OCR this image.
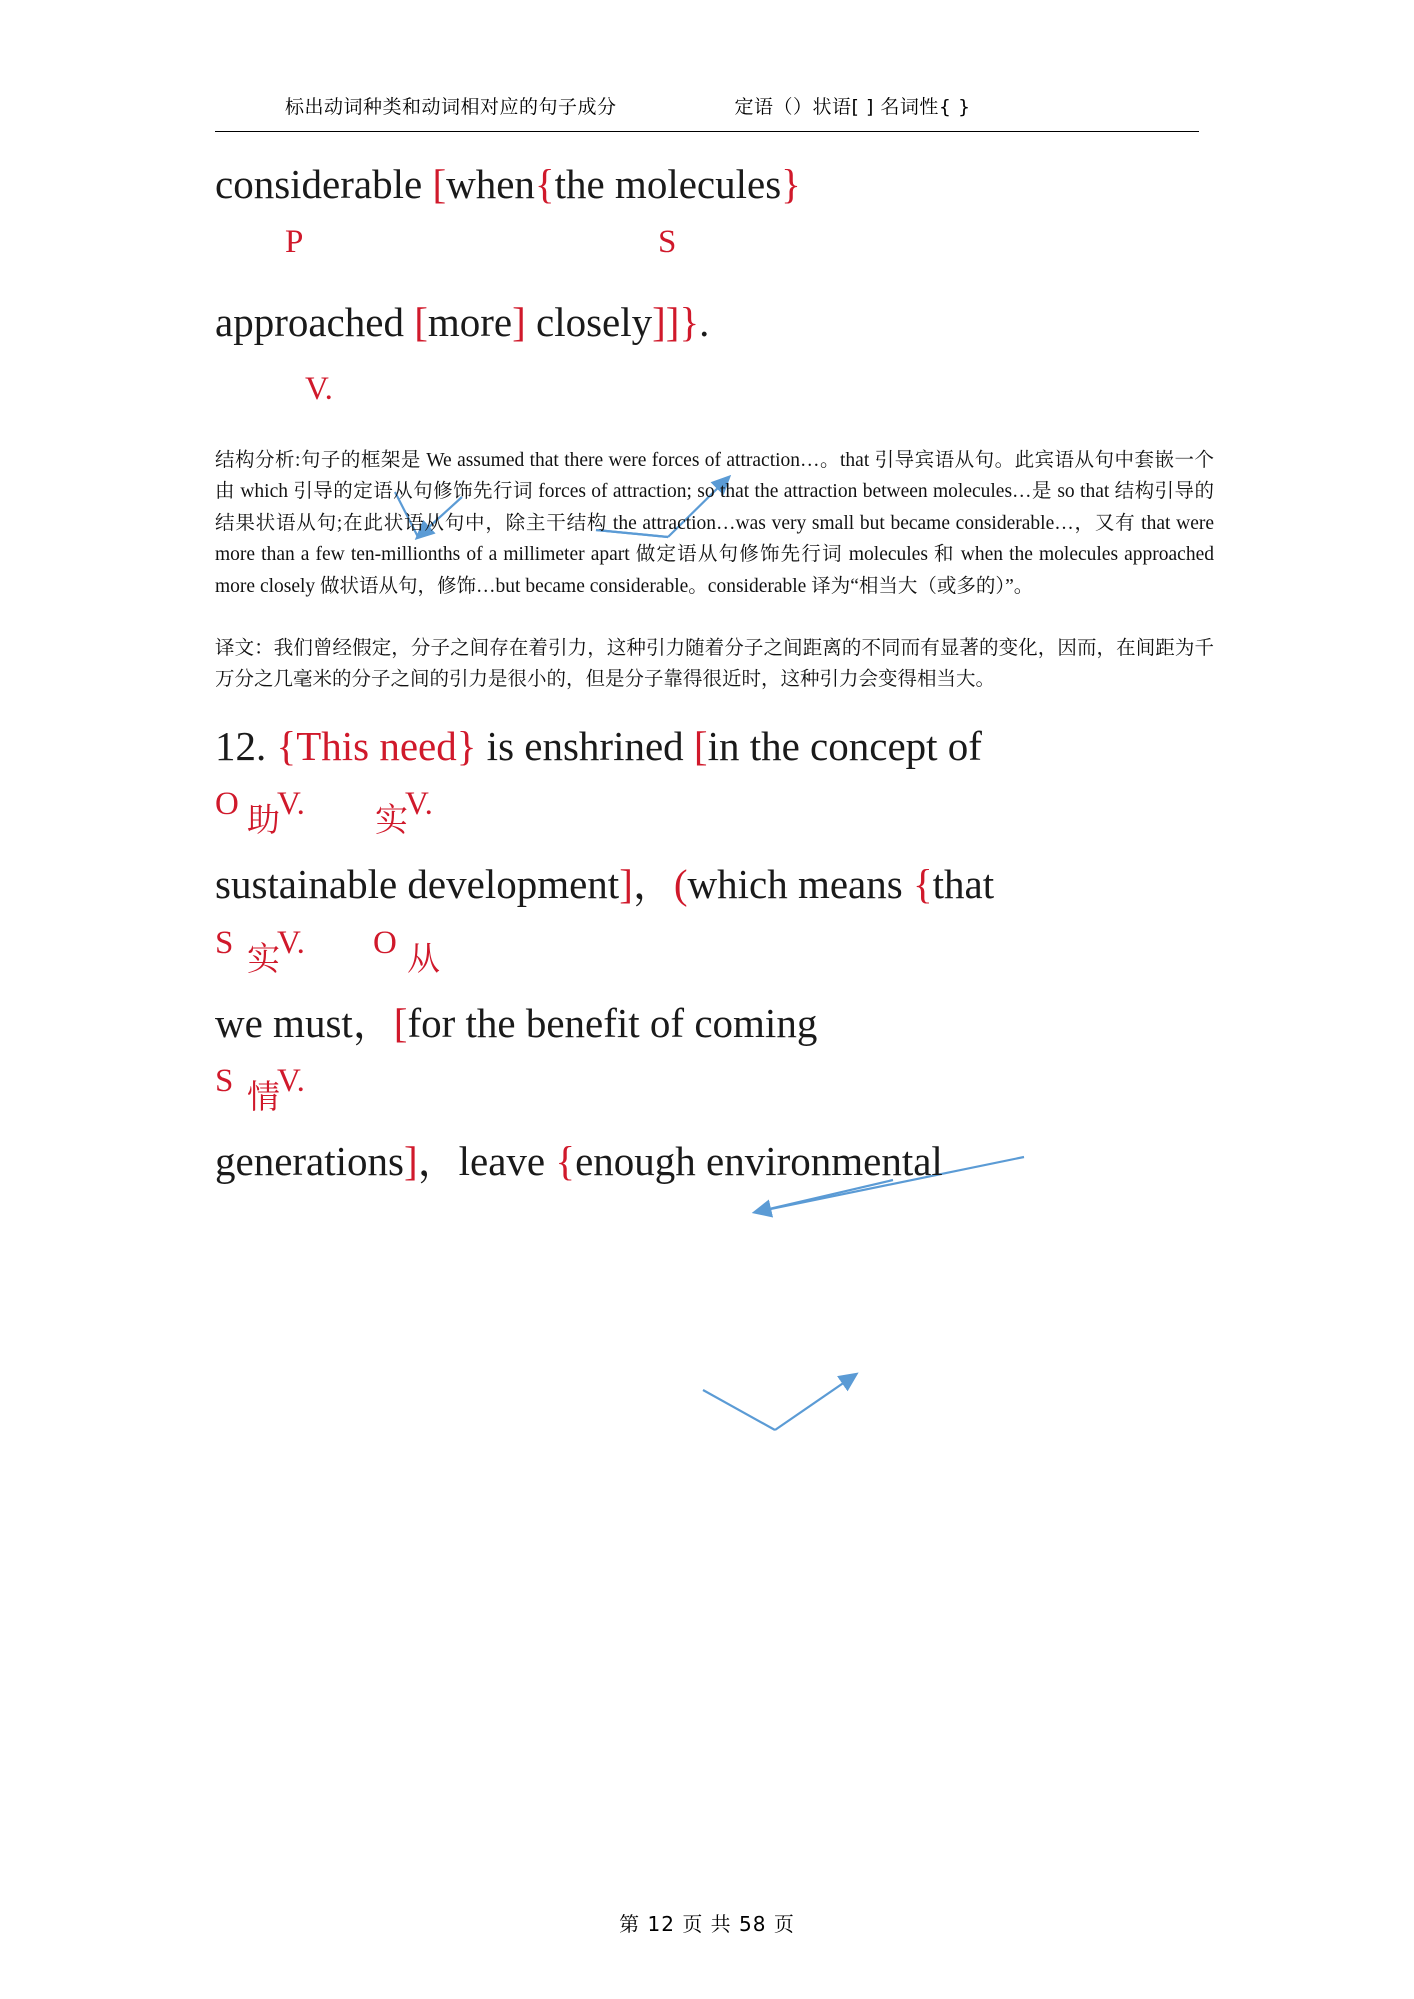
标出动词种类和动词相对应的句子成分	定语（）状语[ ] 名词性{ }
considerable [when{the molecules}
P	S
approached [more] closely]]}.
V.
结构分析:句子的框架是 We assumed that there were forces of attraction…。that 引导宾语从句。此宾语从句中套嵌一个由 which 引导的定语从句修饰先行词 forces of attraction; so that the attraction between molecules…是 so that 结构引导的结果状语从句;在此状语从句中，除主干结构 the attraction…was very small but became considerable…，又有 that were more than a few ten-millionths of a millimeter apart 做定语从句修饰先行词 molecules 和 when the molecules approached more closely 做状语从句，修饰…but became considerable。considerable 译为“相当大（或多的）”。
译文：我们曾经假定，分子之间存在着引力，这种引力随着分子之间距离的不同而有显著的变化，因而，在间距为千万分之几毫米的分子之间的引力是很小的，但是分子靠得很近时，这种引力会变得相当大。
12. {This need} is enshrined [in the concept of
O 助
V. 实
V.
sustainable development]，(which means {that
S 实
V. O 从
we must，[for the benefit of coming
S 情
V.
generations]，leave {enough environmental
第 12 页 共 58 页
